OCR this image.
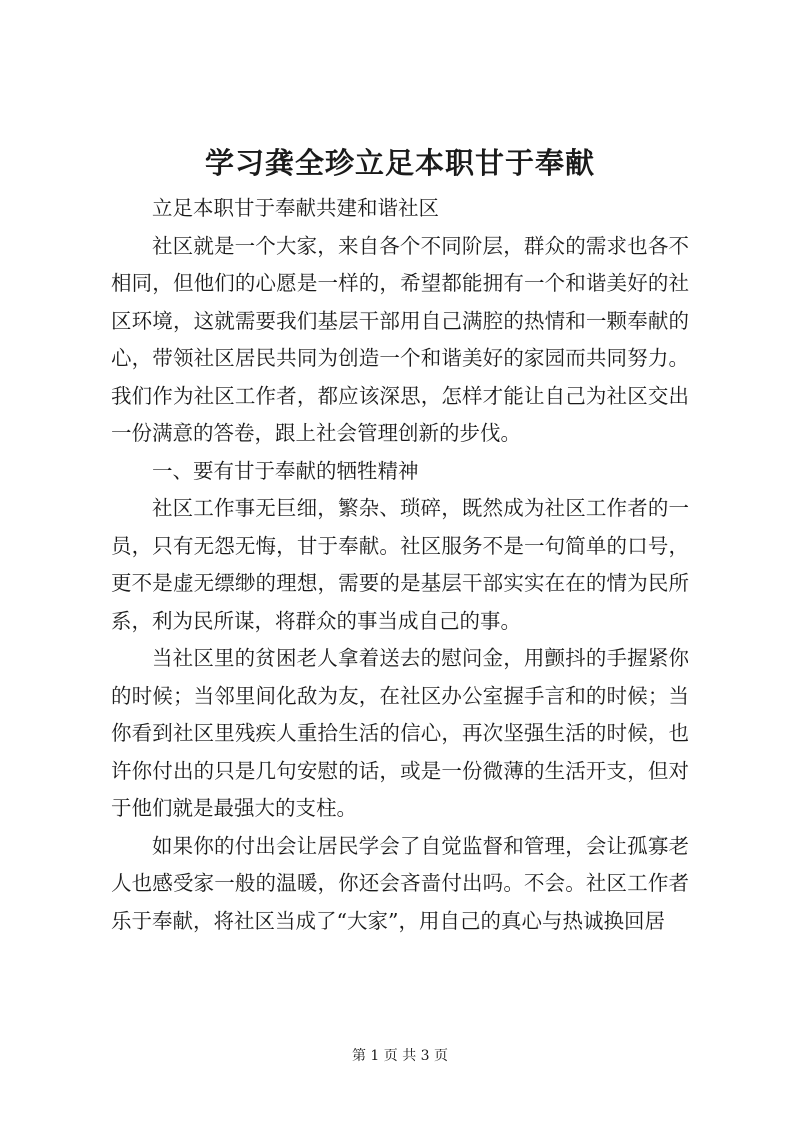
学习龚全珍立足本职甘于奉献

立足本职甘于奉献共建和谐社区

社区就是一个大家，来自各个不同阶层，群众的需求也各不相同，但他们的心愿是一样的，希望都能拥有一个和谐美好的社区环境，这就需要我们基层干部用自己满腔的热情和一颗奉献的心，带领社区居民共同为创造一个和谐美好的家园而共同努力。我们作为社区工作者，都应该深思，怎样才能让自己为社区交出一份满意的答卷，跟上社会管理创新的步伐。

一、要有甘于奉献的牺牲精神

社区工作事无巨细，繁杂、琐碎，既然成为社区工作者的一员，只有无怨无悔，甘于奉献。社区服务不是一句简单的口号，更不是虚无缥缈的理想，需要的是基层干部实实在在的情为民所系，利为民所谋，将群众的事当成自己的事。

当社区里的贫困老人拿着送去的慰问金，用颤抖的手握紧你的时候；当邻里间化敌为友，在社区办公室握手言和的时候；当你看到社区里残疾人重拾生活的信心，再次坚强生活的时候，也许你付出的只是几句安慰的话，或是一份微薄的生活开支，但对于他们就是最强大的支柱。

如果你的付出会让居民学会了自觉监督和管理，会让孤寡老人也感受家一般的温暖，你还会吝啬付出吗。不会。社区工作者乐于奉献，将社区当成了“大家”，用自己的真心与热诚换回居

第 1 页 共 3 页
